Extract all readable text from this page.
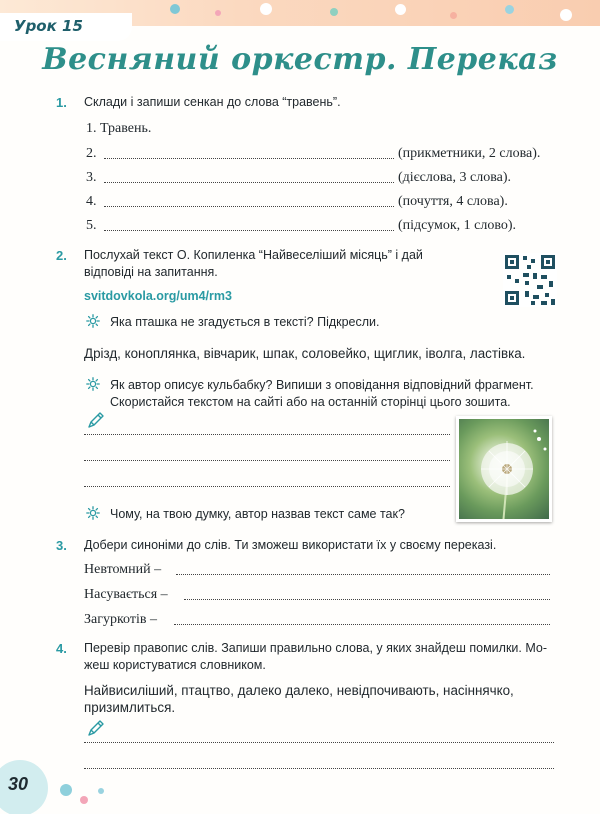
Урок 15
Весняний оркестр. Переказ
1. Склади і запиши сенкан до слова “травень”.
1. Травень.
2.	(прикметники, 2 слова).
3.	(дієслова, 3 слова).
4.	(почуття, 4 слова).
5.	(підсумок, 1 слово).
2. Послухай текст О. Копиленка “Найвеселіший місяць” і дай
відповіді на запитання.
svitdovkola.org/um4/rm3
Яка пташка не згадується в тексті? Підкресли.
Дрізд, коноплянка, вівчарик, шпак, соловейко, щиглик, іволга, ластівка.
Як автор описує кульбабку? Випиши з оповідання відповідний фрагмент.
Скористайся текстом на сайті або на останній сторінці цього зошита.
Чому, на твою думку, автор назвав текст саме так?
3. Добери синоніми до слів. Ти зможеш використати їх у своєму переказі.
Невтомний –
Насувається –
Загуркотів –
4. Перевір правопис слів. Запиши правильно слова, у яких знайдеш помилки. Мо-
жеш користуватися словником.
Найвисиліший, птацтво, далеко далеко, невідпочивають, насіннячко,
призимлиться.
30
